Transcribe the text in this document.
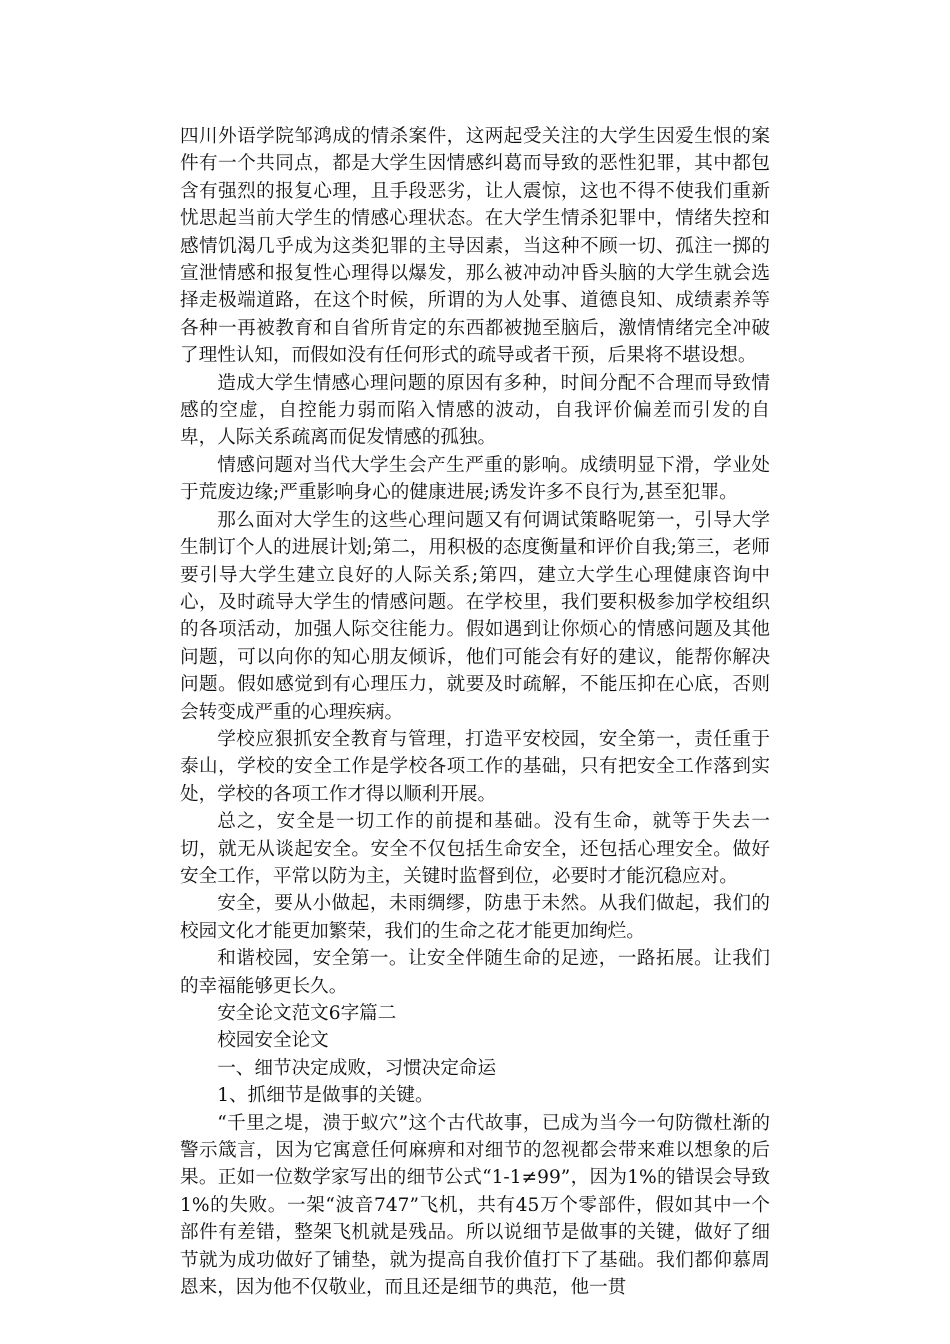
四川外语学院邹鸿成的情杀案件，这两起受关注的大学生因爱生恨的案件有一个共同点，都是大学生因情感纠葛而导致的恶性犯罪，其中都包含有强烈的报复心理，且手段恶劣，让人震惊，这也不得不使我们重新忧思起当前大学生的情感心理状态。在大学生情杀犯罪中，情绪失控和感情饥渴几乎成为这类犯罪的主导因素，当这种不顾一切、孤注一掷的宣泄情感和报复性心理得以爆发，那么被冲动冲昏头脑的大学生就会选择走极端道路，在这个时候，所谓的为人处事、道德良知、成绩素养等各种一再被教育和自省所肯定的东西都被抛至脑后，激情情绪完全冲破了理性认知，而假如没有任何形式的疏导或者干预，后果将不堪设想。

造成大学生情感心理问题的原因有多种，时间分配不合理而导致情感的空虚，自控能力弱而陷入情感的波动，自我评价偏差而引发的自卑，人际关系疏离而促发情感的孤独。

情感问题对当代大学生会产生严重的影响。成绩明显下滑，学业处于荒废边缘;严重影响身心的健康进展;诱发许多不良行为,甚至犯罪。

那么面对大学生的这些心理问题又有何调试策略呢第一，引导大学生制订个人的进展计划;第二，用积极的态度衡量和评价自我;第三，老师要引导大学生建立良好的人际关系;第四，建立大学生心理健康咨询中心，及时疏导大学生的情感问题。在学校里，我们要积极参加学校组织的各项活动，加强人际交往能力。假如遇到让你烦心的情感问题及其他问题，可以向你的知心朋友倾诉，他们可能会有好的建议，能帮你解决问题。假如感觉到有心理压力，就要及时疏解，不能压抑在心底，否则会转变成严重的心理疾病。

学校应狠抓安全教育与管理，打造平安校园，安全第一，责任重于泰山，学校的安全工作是学校各项工作的基础，只有把安全工作落到实处，学校的各项工作才得以顺利开展。

总之，安全是一切工作的前提和基础。没有生命，就等于失去一切，就无从谈起安全。安全不仅包括生命安全，还包括心理安全。做好安全工作，平常以防为主，关键时监督到位，必要时才能沉稳应对。

安全，要从小做起，未雨绸缪，防患于未然。从我们做起，我们的校园文化才能更加繁荣，我们的生命之花才能更加绚烂。

和谐校园，安全第一。让安全伴随生命的足迹，一路拓展。让我们的幸福能够更长久。

安全论文范文6字篇二

校园安全论文

一、细节决定成败，习惯决定命运

1、抓细节是做事的关键。

“千里之堤，溃于蚁穴”这个古代故事，已成为当今一句防微杜渐的警示箴言，因为它寓意任何麻痹和对细节的忽视都会带来难以想象的后果。正如一位数学家写出的细节公式“1-1≠99”，因为1%的错误会导致1%的失败。一架“波音747”飞机，共有45万个零部件，假如其中一个部件有差错，整架飞机就是残品。所以说细节是做事的关键，做好了细节就为成功做好了铺垫，就为提高自我价值打下了基础。我们都仰慕周恩来，因为他不仅敬业，而且还是细节的典范，他一贯
